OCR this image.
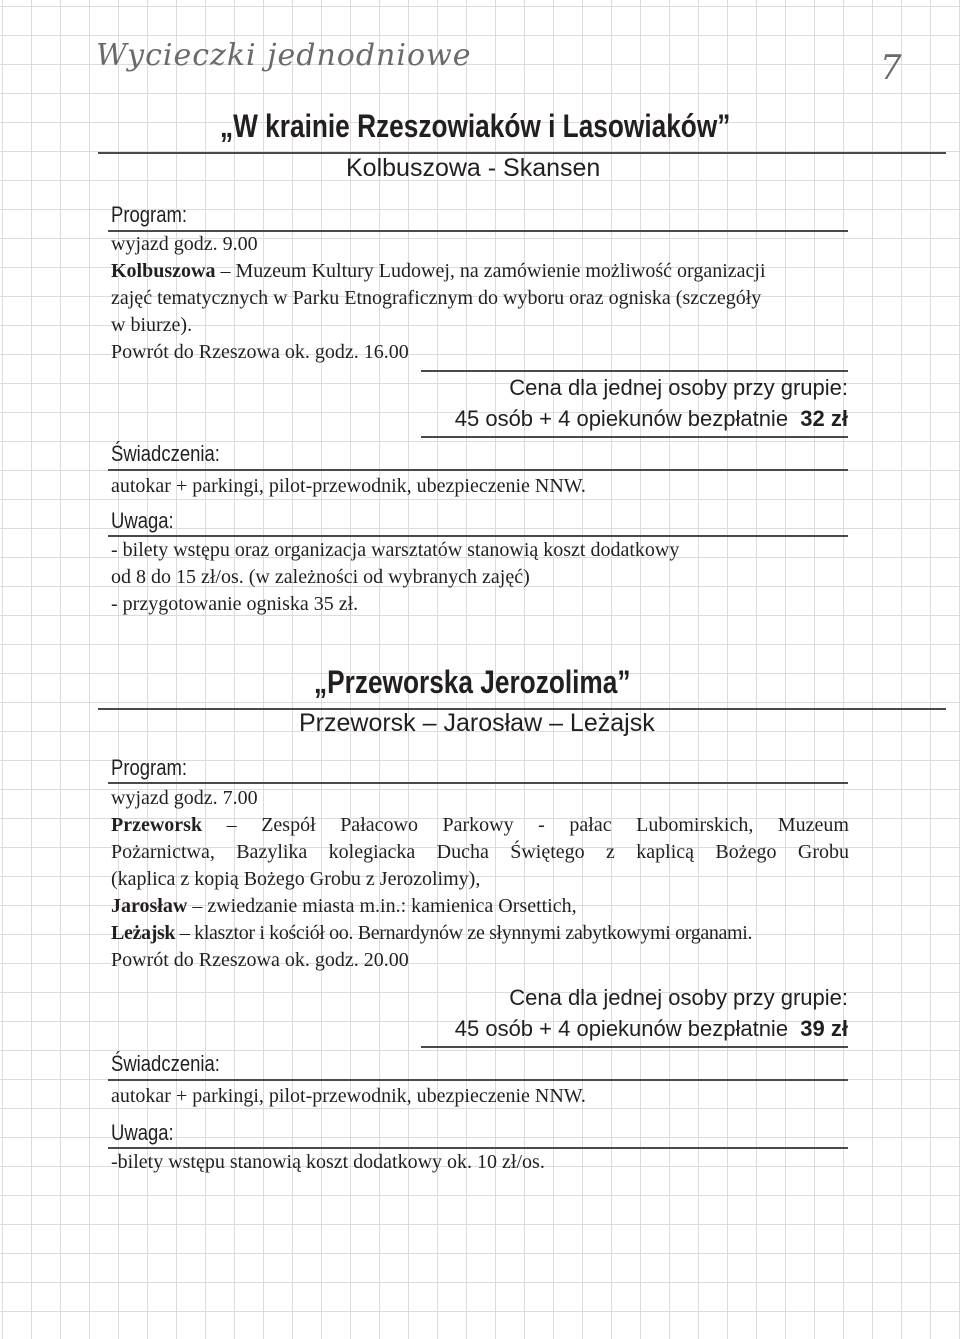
Wycieczki jednodniowe	7
„W krainie Rzeszowiaków i Lasowiaków”
Kolbuszowa - Skansen
Program:
wyjazd godz. 9.00
Kolbuszowa – Muzeum Kultury Ludowej, na zamówienie możliwość organizacji
zajęć tematycznych w Parku Etnograficznym do wyboru oraz ogniska (szczegóły
w biurze).
Powrót do Rzeszowa ok. godz. 16.00
Cena dla jednej osoby przy grupie:
45 osób + 4 opiekunów bezpłatnie 32 zł
Świadczenia:
autokar + parkingi, pilot-przewodnik, ubezpieczenie NNW.
Uwaga:
- bilety wstępu oraz organizacja warsztatów stanowią koszt dodatkowy
od 8 do 15 zł/os. (w zależności od wybranych zajęć)
- przygotowanie ogniska 35 zł.
„Przeworska Jerozolima”
Przeworsk – Jarosław – Leżajsk
Program:
wyjazd godz. 7.00
Przeworsk – Zespół Pałacowo Parkowy - pałac Lubomirskich, Muzeum
Pożarnictwa, Bazylika kolegiacka Ducha Świętego z kaplicą Bożego Grobu
(kaplica z kopią Bożego Grobu z Jerozolimy),
Jarosław – zwiedzanie miasta m.in.: kamienica Orsettich,
Leżajsk – klasztor i kościół oo. Bernardynów ze słynnymi zabytkowymi organami.
Powrót do Rzeszowa ok. godz. 20.00
Cena dla jednej osoby przy grupie:
45 osób + 4 opiekunów bezpłatnie 39 zł
Świadczenia:
autokar + parkingi, pilot-przewodnik, ubezpieczenie NNW.
Uwaga:
-bilety wstępu stanowią koszt dodatkowy ok. 10 zł/os.
